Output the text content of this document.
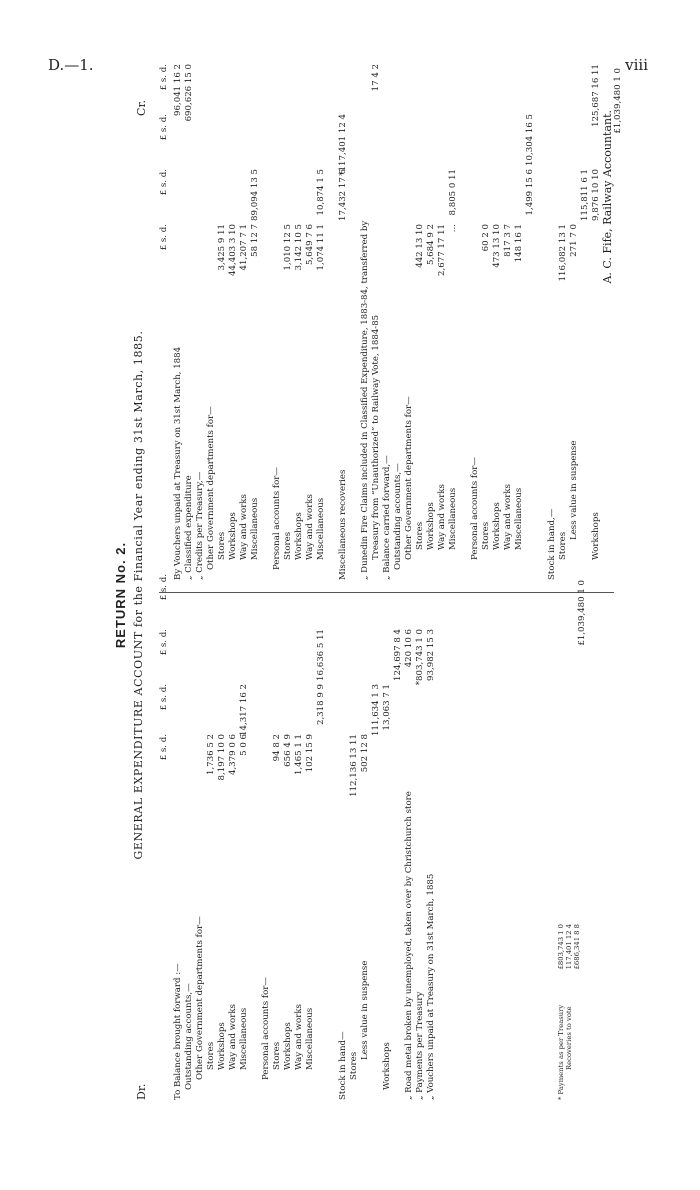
D.—1.	viii
RETURN No. 2. GENERAL EXPENDITURE ACCOUNT for the Financial Year ending 31st March, 1885.
Dr.
Cr.
£ s. d.
£ s. d.
£ s. d.
£ s. d.
To Balance brought forward :— Outstanding accounts,— Other Government departments for— Stores
1,736 5 2
Workshops
8,197 10 0
Way and works
4,379 0 6
Miscellaneous
5 0 6
14,317 16 2
Personal accounts for— Stores
94 8 2
Workshops
656 4 9
Way and works
1,465 1 1
Miscellaneous
102 15 9
2,318 9 9
16,636 5 11
Stock in hand— Stores
112,136 13 11
Less value in suspense
502 12 8
111,634 1 3
Workshops
13,063 7 1
124,697 8 4
„ Road metal broken by unemployed, taken over by Christchurch store
420 10 6
„ Payments per Treasury
*803,743 1 0
„ Vouchers unpaid at Treasury on 31st March, 1885
93,982 15 3
£1,039,480 1 0
* Payments as per Treasury
£803,743 1 0
Recoveries to vote
117,401 12 4 £686,341 8 8
£ s. d.
£ s. d.
£ s. d.
£ s. d.
By Vouchers unpaid at Treasury on 31st March, 1884
96,041 16 2
„ Classified expenditure
690,626 15 0
„ Credits per Treasury,— Other Government departments for— Stores
3,425 9 11
Workshops
44,403 3 10
Way and works
41,207 7 1
Miscellaneous
58 12 7
89,094 13 5
Personal accounts for— Stores
1,010 12 5
Workshops
3,142 10 5
Way and works
5,649 7 6
Miscellaneous
1,074 11 1
10,874 1 5
Miscellaneous recoveries
17,432 17 6
*117,401 12 4
„ Dunedin Fire Claims included in Classified Expenditure, 1883-84, transferred by Treasury from “Unauthorized” to Railway Vote, 1884-85
17 4 2
„ Balance carried forward,— Outstanding accounts,— Other Government departments for— Stores
442 13 10
Workshops
5,684 9 2
Way and works
2,677 17 11
Miscellaneous
...
8,805 0 11
Personal accounts for— Stores
60 2 0
Workshops
473 13 10
Way and works
817 3 7
Miscellaneous
148 16 1
1,499 15 6
10,304 16 5
Stock in hand,— Stores
116,082 13 1
Less value in suspense
271 7 0
115,811 6 1
Workshops
9,876 10 10
125,687 16 11 £1,039,480 1 0
A. C. Fife, Railway Accountant.
